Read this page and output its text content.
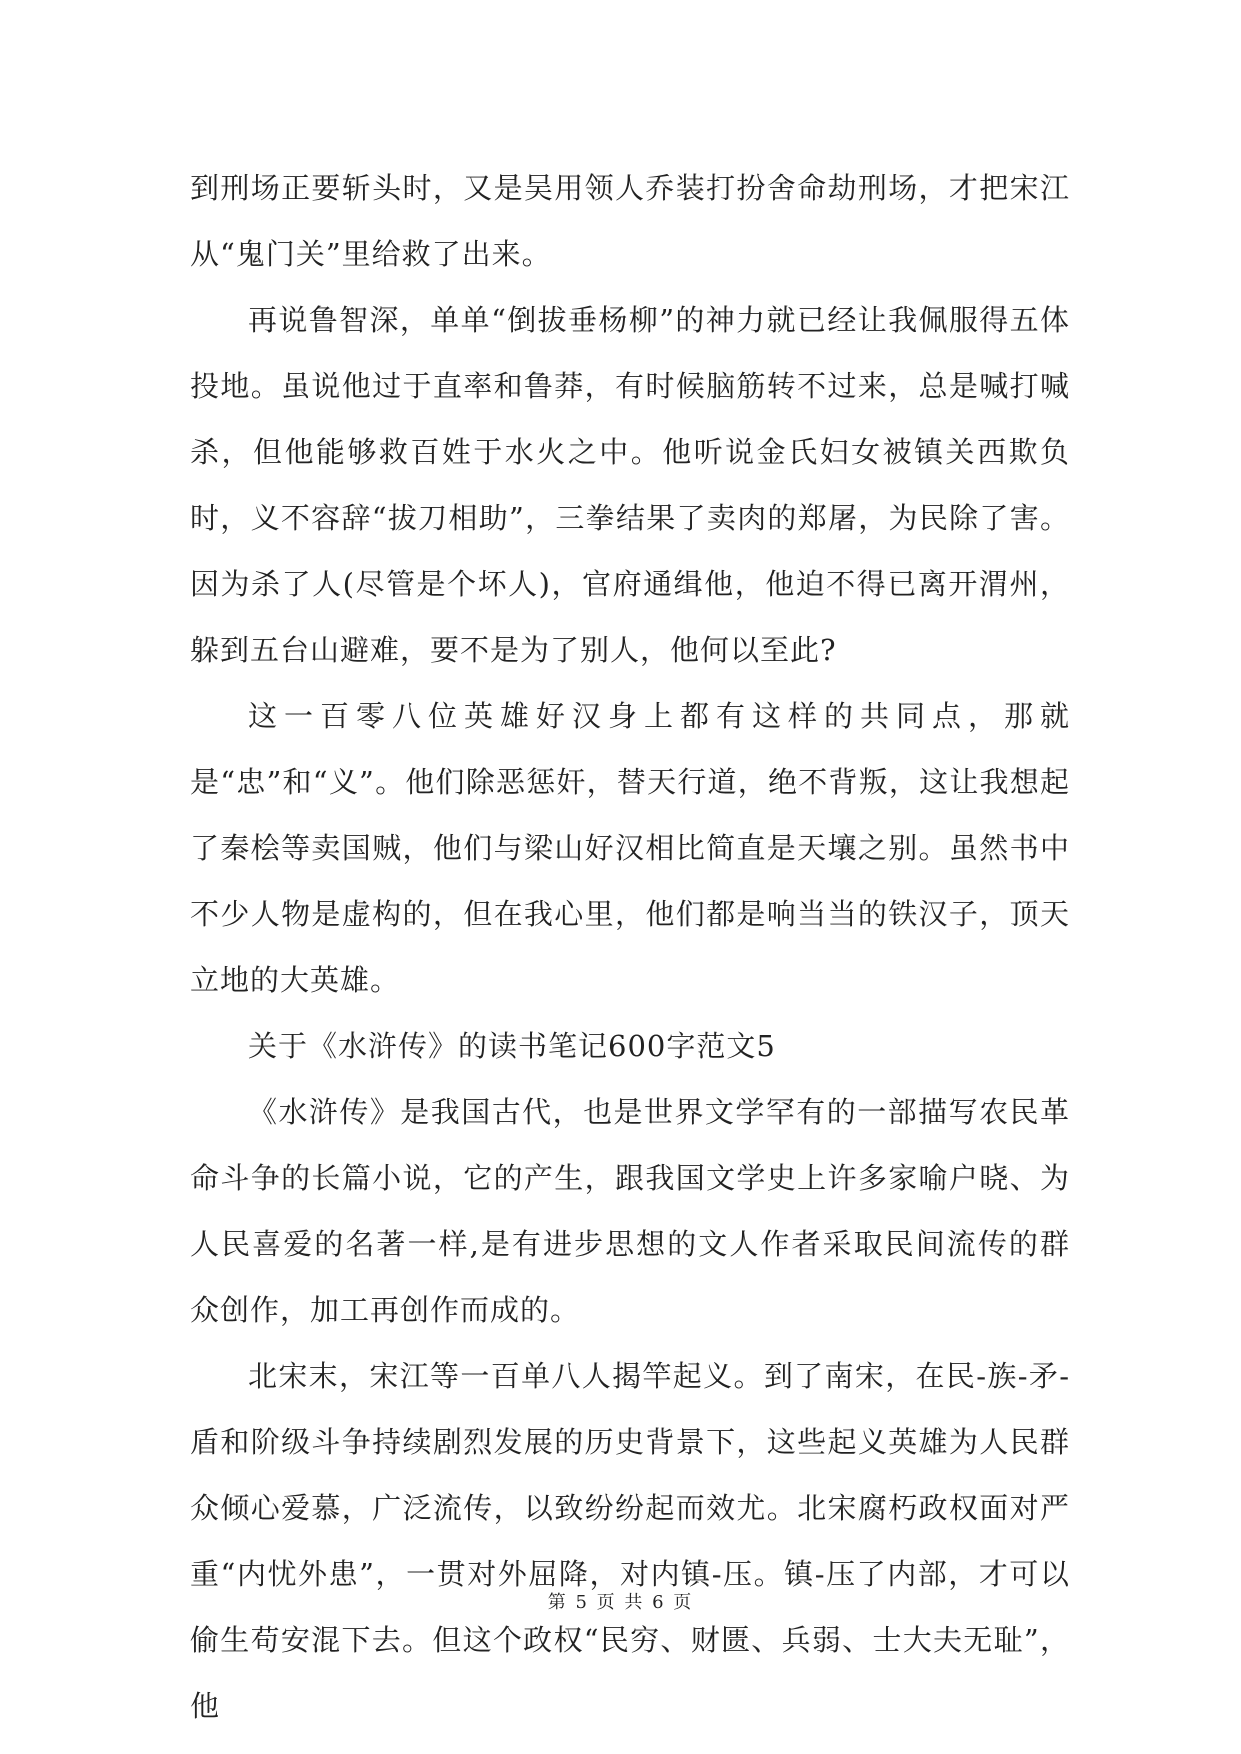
到刑场正要斩头时，又是吴用领人乔装打扮舍命劫刑场，才把宋江从“鬼门关”里给救了出来。

再说鲁智深，单单“倒拔垂杨柳”的神力就已经让我佩服得五体投地。虽说他过于直率和鲁莽，有时候脑筋转不过来，总是喊打喊杀，但他能够救百姓于水火之中。他听说金氏妇女被镇关西欺负时，义不容辞“拔刀相助”，三拳结果了卖肉的郑屠，为民除了害。因为杀了人(尽管是个坏人)，官府通缉他，他迫不得已离开渭州，躲到五台山避难，要不是为了别人，他何以至此?

这一百零八位英雄好汉身上都有这样的共同点，那就是“忠”和“义”。他们除恶惩奸，替天行道，绝不背叛，这让我想起了秦桧等卖国贼，他们与梁山好汉相比简直是天壤之别。虽然书中不少人物是虚构的，但在我心里，他们都是响当当的铁汉子，顶天立地的大英雄。

关于《水浒传》的读书笔记600字范文5

《水浒传》是我国古代，也是世界文学罕有的一部描写农民革命斗争的长篇小说，它的产生，跟我国文学史上许多家喻户晓、为人民喜爱的名著一样,是有进步思想的文人作者采取民间流传的群众创作，加工再创作而成的。

北宋末，宋江等一百单八人揭竿起义。到了南宋，在民-族-矛-盾和阶级斗争持续剧烈发展的历史背景下，这些起义英雄为人民群众倾心爱慕，广泛流传，以致纷纷起而效尤。北宋腐朽政权面对严重“内忧外患”，一贯对外屈降，对内镇-压。镇-压了内部，才可以偷生苟安混下去。但这个政权“民穷、财匮、兵弱、士大夫无耻”，他

第 5 页 共 6 页
